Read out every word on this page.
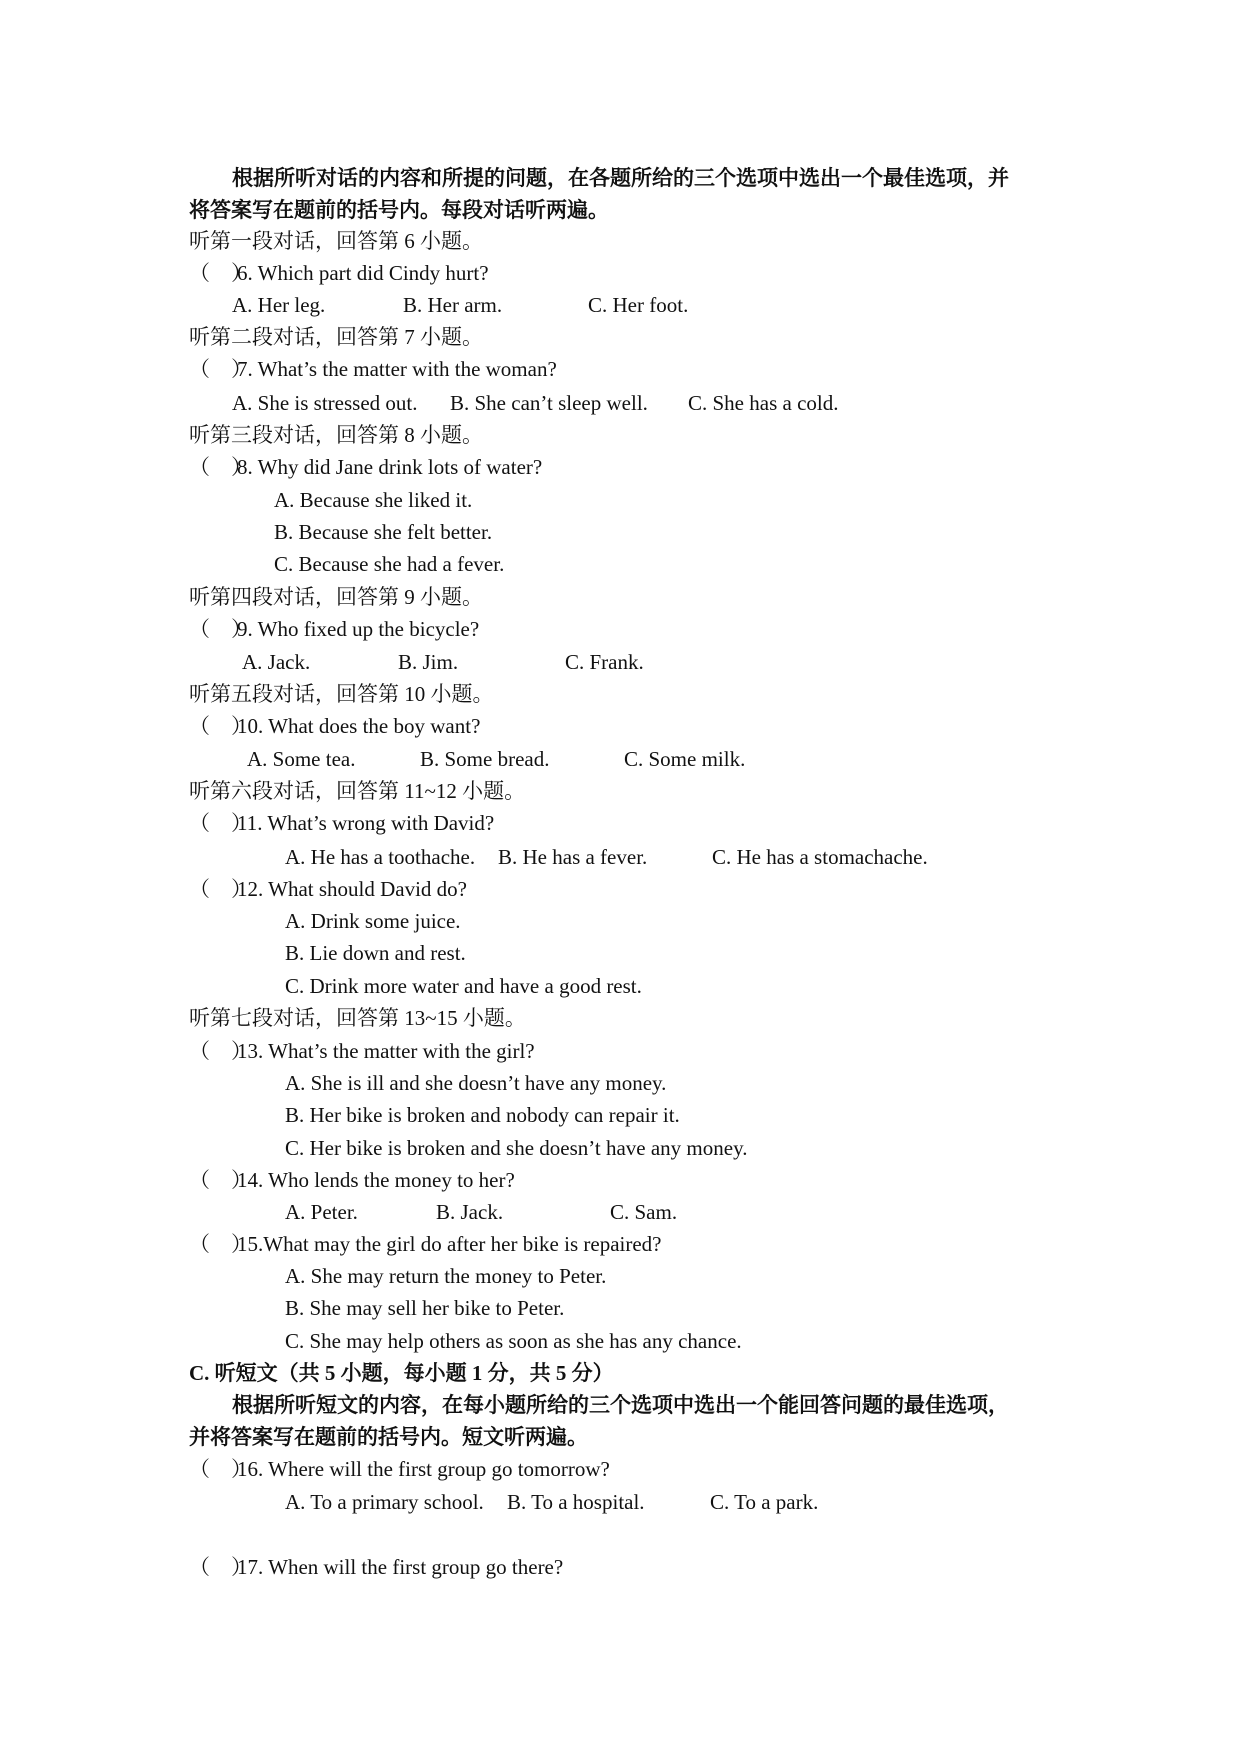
根据所听对话的内容和所提的问题，在各题所给的三个选项中选出一个最佳选项，并
将答案写在题前的括号内。每段对话听两遍。
听第一段对话，回答第 6 小题。
（    ）6. Which part did Cindy hurt?
A. Her leg.	B. Her arm.	C. Her foot.
听第二段对话，回答第 7 小题。
（    ）7. What’s the matter with the woman?
A. She is stressed out. B. She can’t sleep well. C. She has a cold.
听第三段对话，回答第 8 小题。
（    ）8. Why did Jane drink lots of water?
A. Because she liked it.
B. Because she felt better.
C. Because she had a fever.
听第四段对话，回答第 9 小题。
（    ）9. Who fixed up the bicycle?
A. Jack.	B. Jim.	C. Frank.
听第五段对话，回答第 10 小题。
（    ）10. What does the boy want?
A. Some tea.	B. Some bread.	C. Some milk.
听第六段对话，回答第 11~12 小题。
（    ）11. What’s wrong with David?
A. He has a toothache. B. He has a fever.	C. He has a stomachache.
（    ）12. What should David do?
A. Drink some juice.
B. Lie down and rest.
C. Drink more water and have a good rest.
听第七段对话，回答第 13~15 小题。
（    ）13. What’s the matter with the girl?
A. She is ill and she doesn’t have any money.
B. Her bike is broken and nobody can repair it.
C. Her bike is broken and she doesn’t have any money.
（    ）14. Who lends the money to her?
A. Peter.	B. Jack.	C. Sam.
（    ）15.What may the girl do after her bike is repaired?
A. She may return the money to Peter.
B. She may sell her bike to Peter.
C. She may help others as soon as she has any chance.
C. 听短文（共 5 小题，每小题 1 分，共 5 分）
根据所听短文的内容，在每小题所给的三个选项中选出一个能回答问题的最佳选项，
并将答案写在题前的括号内。短文听两遍。
（    ）16. Where will the first group go tomorrow?
A. To a primary school. B. To a hospital.	C. To a park.
（    ）17. When will the first group go there?
